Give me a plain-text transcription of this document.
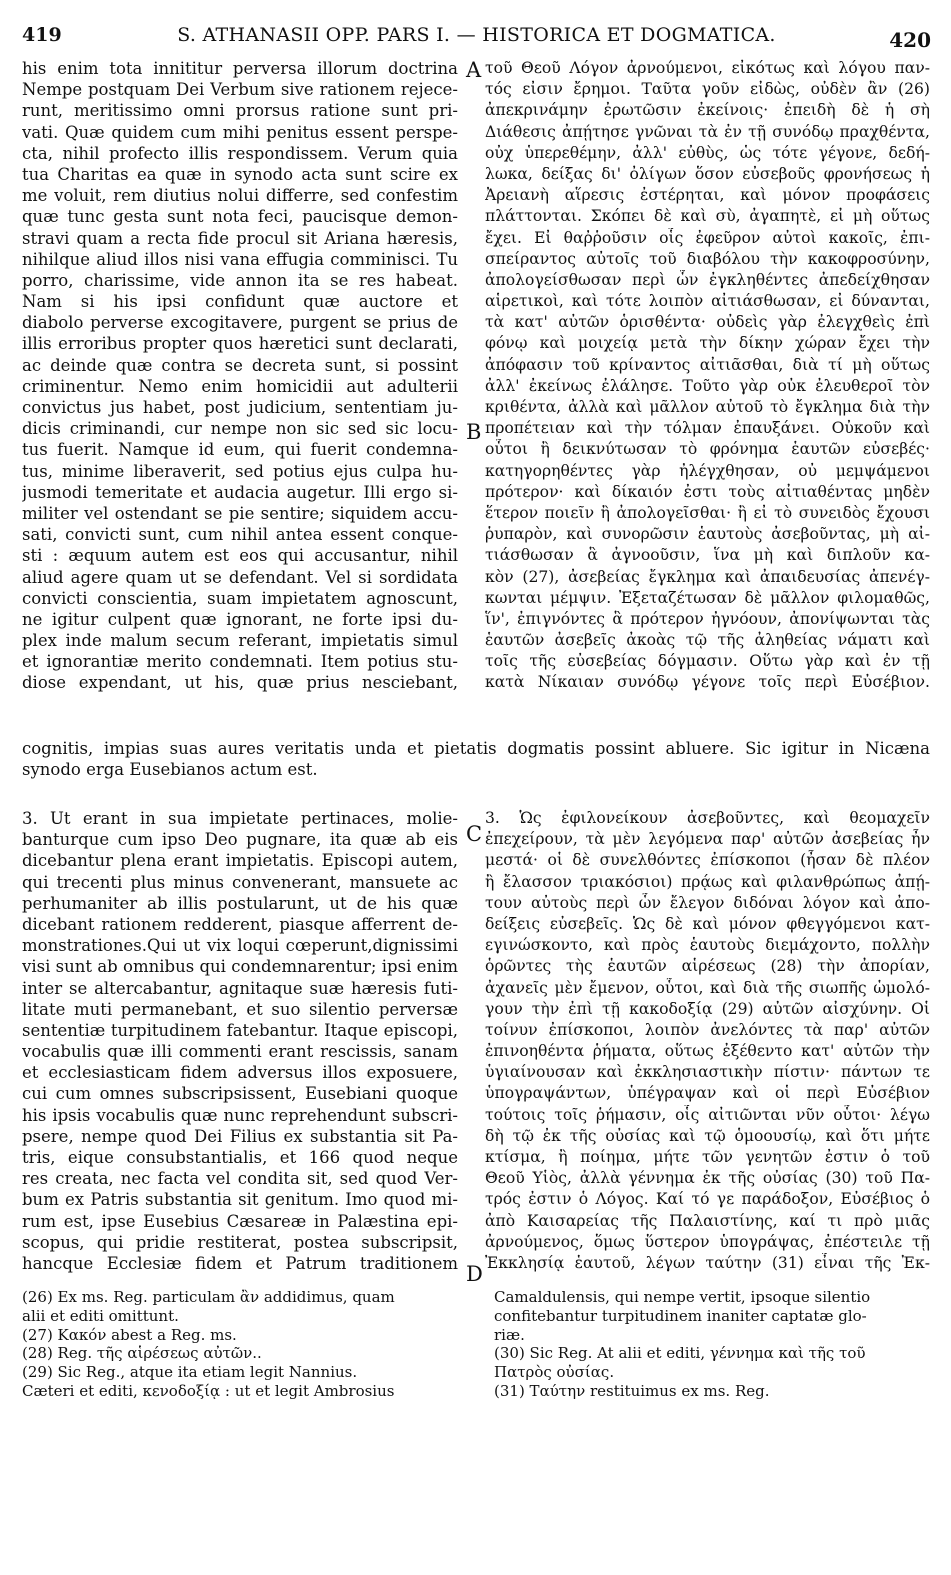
419	S. ATHANASII OPP. PARS I. — HISTORICA ET DOGMATICA.	420
A
B
C
D
his enim tota innititur perversa illorum doctrina
Nempe postquam Dei Verbum sive rationem rejece-
runt, meritissimo omni prorsus ratione sunt pri-
vati. Quæ quidem cum mihi penitus essent perspe-
cta, nihil profecto illis respondissem. Verum quia
tua Charitas ea quæ in synodo acta sunt scire ex
me voluit, rem diutius nolui differre, sed confestim
quæ tunc gesta sunt nota feci, paucisque demon-
stravi quam a recta fide procul sit Ariana hæresis,
nihilque aliud illos nisi vana effugia comminisci. Tu
porro, charissime, vide annon ita se res habeat.
Nam si his ipsi confidunt quæ auctore et
diabolo perverse excogitavere, purgent se prius de
illis erroribus propter quos hæretici sunt declarati,
ac deinde quæ contra se decreta sunt, si possint
criminentur. Nemo enim homicidii aut adulterii
convictus jus habet, post judicium, sententiam ju-
dicis criminandi, cur nempe non sic sed sic locu-
tus fuerit. Namque id eum, qui fuerit condemna-
tus, minime liberaverit, sed potius ejus culpa hu-
jusmodi temeritate et audacia augetur. Illi ergo si-
militer vel ostendant se pie sentire; siquidem accu-
sati, convicti sunt, cum nihil antea essent conque-
sti : æquum autem est eos qui accusantur, nihil
aliud agere quam ut se defendant. Vel si sordidata
convicti conscientia, suam impietatem agnoscunt,
ne igitur culpent quæ ignorant, ne forte ipsi du-
plex inde malum secum referant, impietatis simul
et ignorantiæ merito condemnati. Item potius stu-
diose expendant, ut his, quæ prius nesciebant,
τοῦ Θεοῦ Λόγον ἀρνούμενοι, εἰκότως καὶ λόγου παν-
τός εἰσιν ἔρημοι. Ταῦτα γοῦν εἰδὼς, οὐδὲν ἂν (26)
ἀπεκρινάμην ἐρωτῶσιν ἐκείνοις· ἐπειδὴ δὲ ἡ σὴ
Διάθεσις ἀπῄτησε γνῶναι τὰ ἐν τῇ συνόδῳ πραχθέντα,
οὐχ ὑπερεθέμην, ἀλλ' εὐθὺς, ὡς τότε γέγονε, δεδή-
λωκα, δείξας δι' ὀλίγων ὅσον εὐσεβοῦς φρονήσεως ἡ
Ἀρειανὴ αἵρεσις ἐστέρηται, καὶ μόνον προφάσεις
πλάττονται. Σκόπει δὲ καὶ σὺ, ἀγαπητὲ, εἰ μὴ οὕτως
ἔχει. Εἰ θαῤῥοῦσιν οἷς ἐφεῦρον αὐτοὶ κακοῖς, ἐπι-
σπείραντος αὐτοῖς τοῦ διαβόλου τὴν κακοφροσύνην,
ἀπολογείσθωσαν περὶ ὧν ἐγκληθέντες ἀπεδείχθησαν
αἱρετικοὶ, καὶ τότε λοιπὸν αἰτιάσθωσαν, εἰ δύνανται,
τὰ κατ' αὐτῶν ὁρισθέντα· οὐδεὶς γὰρ ἐλεγχθεὶς ἐπὶ
φόνῳ καὶ μοιχείᾳ μετὰ τὴν δίκην χώραν ἔχει τὴν
ἀπόφασιν τοῦ κρίναντος αἰτιᾶσθαι, διὰ τί μὴ οὕτως
ἀλλ' ἐκείνως ἐλάλησε. Τοῦτο γὰρ οὐκ ἐλευθεροῖ τὸν
κριθέντα, ἀλλὰ καὶ μᾶλλον αὐτοῦ τὸ ἔγκλημα διὰ τὴν
προπέτειαν καὶ τὴν τόλμαν ἐπαυξάνει. Οὐκοῦν καὶ
οὗτοι ἢ δεικνύτωσαν τὸ φρόνημα ἑαυτῶν εὐσεβές·
κατηγορηθέντες γὰρ ἠλέγχθησαν, οὐ μεμψάμενοι
πρότερον· καὶ δίκαιόν ἐστι τοὺς αἰτιαθέντας μηδὲν
ἕτερον ποιεῖν ἢ ἀπολογεῖσθαι· ἢ εἰ τὸ συνειδὸς ἔχουσι
ῥυπαρὸν, καὶ συνορῶσιν ἑαυτοὺς ἀσεβοῦντας, μὴ αἰ-
τιάσθωσαν ἃ ἀγνοοῦσιν, ἵνα μὴ καὶ διπλοῦν κα-
κὸν (27), ἀσεβείας ἔγκλημα καὶ ἀπαιδευσίας ἀπενέγ-
κωνται μέμψιν. Ἐξεταζέτωσαν δὲ μᾶλλον φιλομαθῶς,
ἵν', ἐπιγνόντες ἃ πρότερον ἠγνόουν, ἀπονίψωνται τὰς
ἑαυτῶν ἀσεβεῖς ἀκοὰς τῷ τῆς ἀληθείας νάματι καὶ
τοῖς τῆς εὐσεβείας δόγμασιν. Οὕτω γὰρ καὶ ἐν τῇ
κατὰ Νίκαιαν συνόδῳ γέγονε τοῖς περὶ Εὐσέβιον.
cognitis, impias suas aures veritatis unda et pietatis dogmatis possint abluere. Sic igitur in Nicæna
synodo erga Eusebianos actum est.
3. Ut erant in sua impietate pertinaces, molie-
banturque cum ipso Deo pugnare, ita quæ ab eis
dicebantur plena erant impietatis. Episcopi autem,
qui trecenti plus minus convenerant, mansuete ac
perhumaniter ab illis postularunt, ut de his quæ
dicebant rationem redderent, piasque afferrent de-
monstrationes.Qui ut vix loqui cœperunt,dignissimi
visi sunt ab omnibus qui condemnarentur; ipsi enim
inter se altercabantur, agnitaque suæ hæresis futi-
litate muti permanebant, et suo silentio perversæ
sententiæ turpitudinem fatebantur. Itaque episcopi,
vocabulis quæ illi commenti erant rescissis, sanam
et ecclesiasticam fidem adversus illos exposuere,
cui cum omnes subscripsissent, Eusebiani quoque
his ipsis vocabulis quæ nunc reprehendunt subscri-
psere, nempe quod Dei Filius ex substantia sit Pa-
tris, eique consubstantialis, et 166 quod neque
res creata, nec facta vel condita sit, sed quod Ver-
bum ex Patris substantia sit genitum. Imo quod mi-
rum est, ipse Eusebius Cæsareæ in Palæstina epi-
scopus, qui pridie restiterat, postea subscripsit,
hancque Ecclesiæ fidem et Patrum traditionem
3. Ὡς ἐφιλονείκουν ἀσεβοῦντες, καὶ θεομαχεῖν
ἐπεχείρουν, τὰ μὲν λεγόμενα παρ' αὐτῶν ἀσεβείας ἦν
μεστά· οἱ δὲ συνελθόντες ἐπίσκοποι (ἦσαν δὲ πλέον
ἢ ἔλασσον τριακόσιοι) πρᾴως καὶ φιλανθρώπως ἀπῄ-
τουν αὐτοὺς περὶ ὧν ἔλεγον διδόναι λόγον καὶ ἀπο-
δείξεις εὐσεβεῖς. Ὡς δὲ καὶ μόνον φθεγγόμενοι κατ-
εγινώσκοντο, καὶ πρὸς ἑαυτοὺς διεμάχοντο, πολλὴν
ὁρῶντες τὴς ἑαυτῶν αἱρέσεως (28) τὴν ἀπορίαν,
ἀχανεῖς μὲν ἔμενον, οὗτοι, καὶ διὰ τῆς σιωπῆς ὡμολό-
γουν τὴν ἐπὶ τῇ κακοδοξίᾳ (29) αὐτῶν αἰσχύνην. Οἱ
τοίνυν ἐπίσκοποι, λοιπὸν ἀνελόντες τὰ παρ' αὐτῶν
ἐπινοηθέντα ῥήματα, οὕτως ἐξέθεντο κατ' αὐτῶν τὴν
ὑγιαίνουσαν καὶ ἐκκλησιαστικὴν πίστιν· πάντων τε
ὑπογραψάντων, ὑπέγραψαν καὶ οἱ περὶ Εὐσέβιον
τούτοις τοῖς ῥήμασιν, οἷς αἰτιῶνται νῦν οὗτοι· λέγω
δὴ τῷ ἐκ τῆς οὐσίας καὶ τῷ ὁμοουσίῳ, καὶ ὅτι μήτε
κτίσμα, ἢ ποίημα, μήτε τῶν γενητῶν ἐστιν ὁ τοῦ
Θεοῦ Υἱὸς, ἀλλὰ γέννημα ἐκ τῆς οὐσίας (30) τοῦ Πα-
τρός ἐστιν ὁ Λόγος. Καί τό γε παράδοξον, Εὐσέβιος ὁ
ἀπὸ Καισαρείας τῆς Παλαιστίνης, καί τι πρὸ μιᾶς
ἀρνούμενος, ὅμως ὕστερον ὑπογράψας, ἐπέστειλε τῇ
Ἐκκλησίᾳ ἑαυτοῦ, λέγων ταύτην (31) εἶναι τῆς Ἐκ-
(26) Ex ms. Reg. particulam ἂν addidimus, quam
alii et editi omittunt.
(27) Κακόν abest a Reg. ms.
(28) Reg. τῆς αἱρέσεως αὐτῶν..
(29) Sic Reg., atque ita etiam legit Nannius.
Cæteri et editi, κενοδοξίᾳ : ut et legit Ambrosius
Camaldulensis, qui nempe vertit, ipsoque silentio
confitebantur turpitudinem inaniter captatæ glo-
riæ.
(30) Sic Reg. At alii et editi, γέννημα καὶ τῆς τοῦ
Πατρὸς οὐσίας.
(31) Ταύτην restituimus ex ms. Reg.
